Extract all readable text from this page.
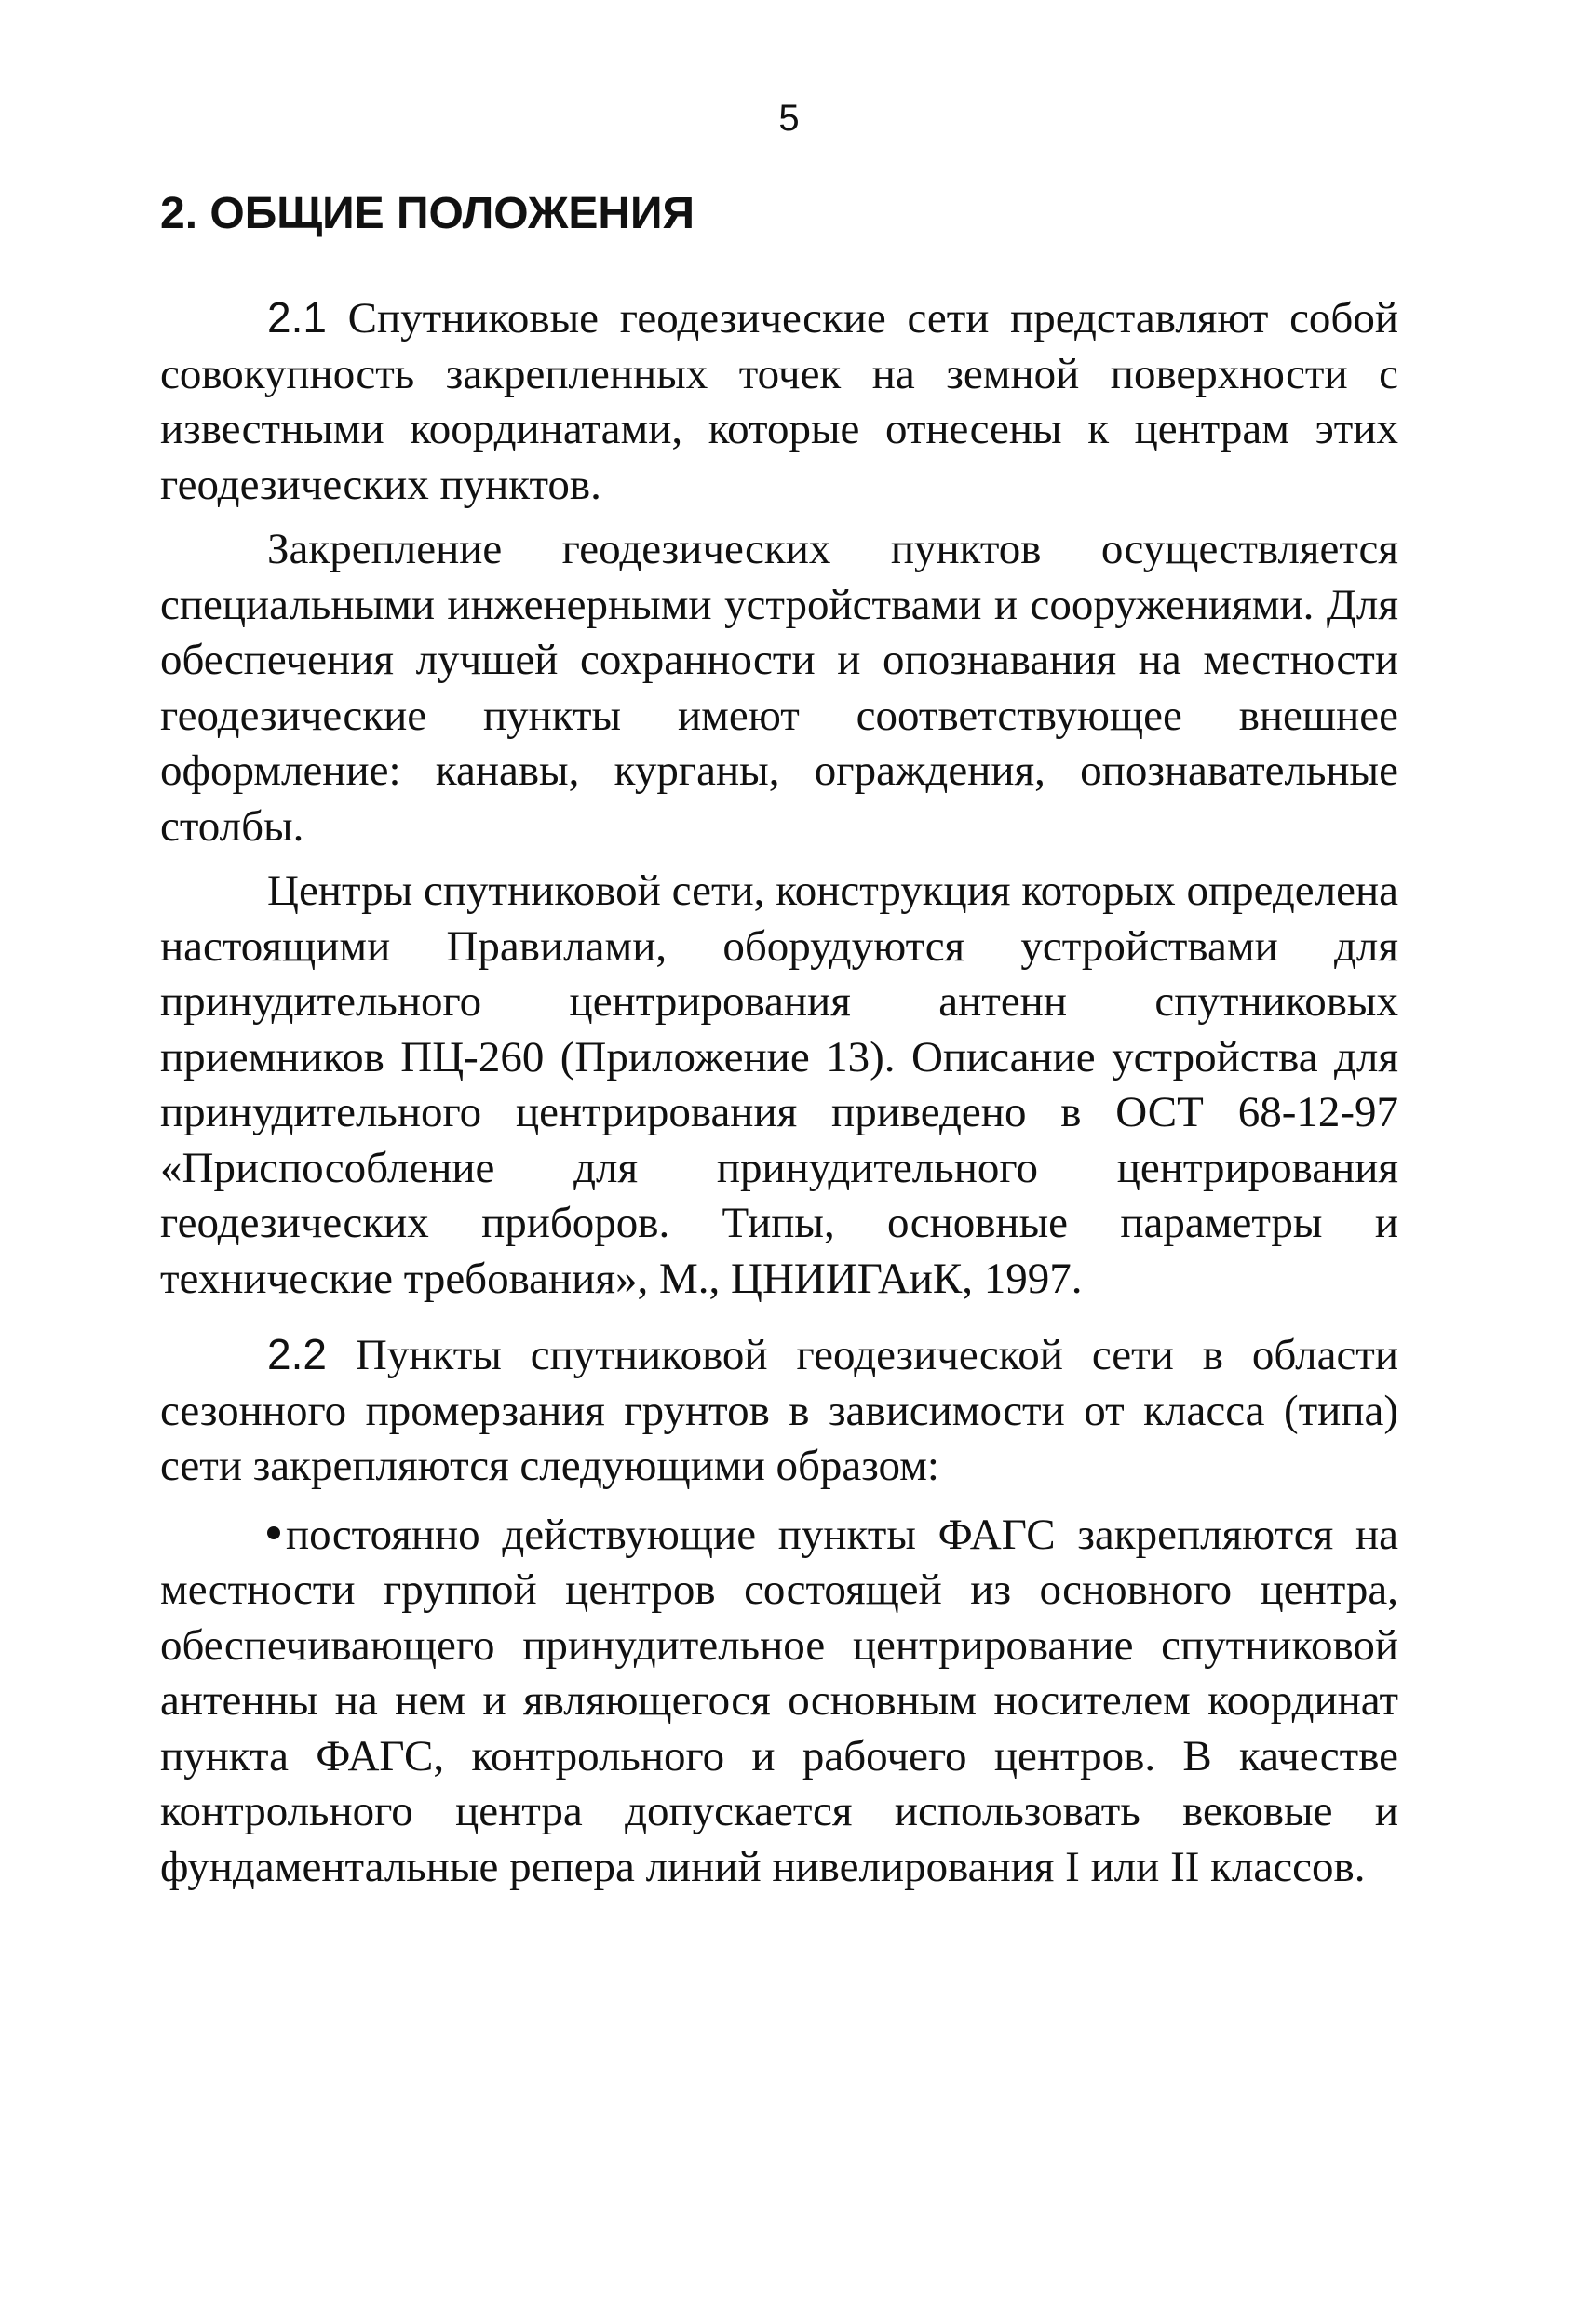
5
2. ОБЩИЕ ПОЛОЖЕНИЯ

2.1 Спутниковые геодезические сети представляют собой совокупность закрепленных точек на земной поверхности с известными координатами, которые отнесены к центрам этих геодезических пунктов.

Закрепление геодезических пунктов осуществляется специальными инженерными устройствами и сооружениями. Для обеспечения лучшей сохранности и опознавания на местности геодезические пункты имеют соответствующее внешнее оформление: канавы, курганы, ограждения, опознавательные столбы.

Центры спутниковой сети, конструкция которых определена настоящими Правилами, оборудуются устройствами для принудительного центрирования антенн спутниковых приемников ПЦ-260 (Приложение 13). Описание устройства для принудительного центрирования приведено в ОСТ 68-12-97 «Приспособление для принудительного центрирования геодезических приборов. Типы, основные параметры и технические требования», М., ЦНИИГАиК, 1997.

2.2 Пункты спутниковой геодезической сети в области сезонного промерзания грунтов в зависимости от класса (типа) сети закрепляются следующими образом:

постоянно действующие пункты ФАГС закрепляются на местности группой центров состоящей из основного центра, обеспечивающего принудительное центрирование спутниковой антенны на нем и являющегося основным носителем координат пункта ФАГС, контрольного и рабочего центров. В качестве контрольного центра допускается использовать вековые и фундаментальные репера линий нивелирования I или II классов.
